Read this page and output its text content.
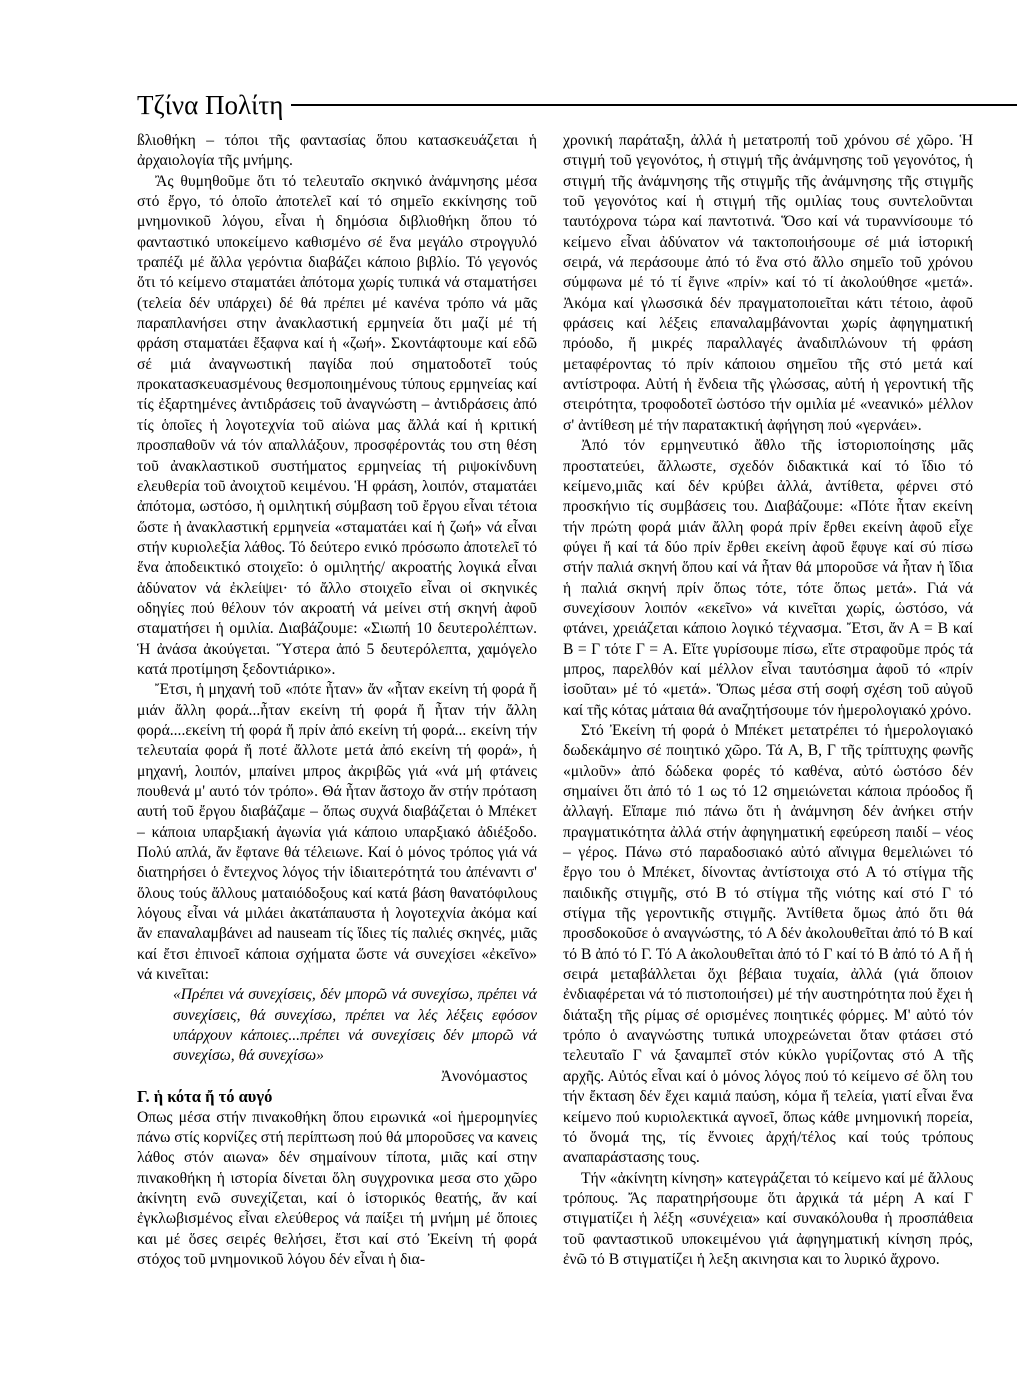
Τζίνα Πολίτη

ßλιοθήκη – τόποι τῆς φαντασίας ὅπου κατασκευάζεται ἡ ἀρχαιολογία τῆς μνήμης.

Ἂς θυμηθοῦμε ὅτι τό τελευταῖο σκηνικό ἀνάμνησης μέσα στό ἔργο, τό ὁποῖο ἀποτελεῖ καί τό σημεῖο εκκίνησης τοῦ μνημονικοῦ λόγου, εἶναι ἡ δημόσια διβλιοθήκη ὅπου τό φανταστικό υποκείμενο καθισμένο σέ ἕνα μεγάλο στρογγυλό τραπέζι μέ ἄλλα γερόντια διαβάζει κάποιο βιβλίο. Τό γεγονός ὅτι τό κείμενο σταματάει ἀπότομα χωρίς τυπικά νά σταματήσει (τελεία δέν υπάρχει) δέ θά πρέπει μέ κανένα τρόπο νά μᾶς παραπλανήσει στην ἀνακλαστική ερμηνεία ὅτι μαζί μέ τή φράση σταματάει ἔξαφνα καί ἡ «ζωή». Σκοντάφτουμε καί εδῶ σέ μιά ἀναγνωστική παγίδα πού σηματοδοτεῖ τούς προκατασκευασμένους θεσμοποιημένους τύπους ερμηνείας καί τίς ἐξαρτημένες ἀντιδράσεις τοῦ ἀναγνώστη – ἀντιδράσεις ἀπό τίς ὁποῖες ἡ λογοτεχνία τοῦ αἰώνα μας ἄλλά καί ἡ κριτική προσπαθοῦν νά τόν απαλλάξουν, προσφέροντάς του στη θέση τοῦ ἀνακλαστικοῦ συστήματος ερμηνείας τή ριψοκίνδυνη ελευθερία τοῦ ἀνοιχτοῦ κειμένου. Ἡ φράση, λοιπόν, σταματάει ἀπότομα, ωστόσο, ἡ ομιλητική σύμβαση τοῦ ἔργου εἶναι τέτοια ὥστε ἡ ἀνακλαστική ερμηνεία «σταματάει καί ἡ ζωή» νά εἶναι στήν κυριολεξία λάθος. Τό δεύτερο ενικό πρόσωπο ἀποτελεῖ τό ἕνα ἀποδεικτικό στοιχεῖο: ὁ ομιλητής/ ακροατής λογικά εἶναι ἀδύνατον νά ἐκλείψει· τό ἄλλο στοιχεῖο εἶναι οἱ σκηνικές οδηγίες πού θέλουν τόν ακροατή νά μείνει στή σκηνή ἀφοῦ σταματήσει ἡ ομιλία. Διαβάζουμε: «Σιωπή 10 δευτερολέπτων. Ἡ ἀνάσα ἀκούγεται. Ὕστερα ἀπό 5 δευτερόλεπτα, χαμόγελο κατά προτίμηση ξεδοντιάρικο».

Ἔτσι, ἡ μηχανή τοῦ «πότε ἦταν» ἄν «ἦταν εκείνη τή φορά ἤ μιάν ἄλλη φορά...ἦταν εκείνη τή φορά ἤ ἦταν τήν ἄλλη φορά....εκείνη τή φορά ἤ πρίν ἀπό εκείνη τή φορά... εκείνη τήν τελευταία φορά ἤ ποτέ ἄλλοτε μετά ἀπό εκείνη τή φορά», ἡ μηχανή, λοιπόν, μπαίνει μπρος ἀκριβῶς γιά «νά μή φτάνεις πουθενά μ' αυτό τόν τρόπο». Θά ἦταν ἄστοχο ἄν στήν πρόταση αυτή τοῦ ἔργου διαβάζαμε – ὅπως συχνά διαβάζεται ὁ Μπέκετ – κάποια υπαρξιακή ἀγωνία γιά κάποιο υπαρξιακό ἀδιέξοδο. Πολύ απλά, ἄν ἔφτανε θά τέλειωνε. Καί ὁ μόνος τρόπος γιά νά διατηρήσει ὁ ἔντεχνος λόγος τήν ἰδιαιτερότητά του ἀπέναντι σ' ὅλους τούς ἄλλους ματαιόδοξους καί κατά βάση θανατόφιλους λόγους εἶναι νά μιλάει ἀκατάπαυστα ἡ λογοτεχνία ἀκόμα καί ἄν επαναλαμβάνει ad nauseam τίς ἴδιες τίς παλιές σκηνές, μιᾶς καί ἔτσι ἐπινοεῖ κάποια σχήματα ὥστε νά συνεχίσει «ἐκεῖνο» νά κινεῖται:

«Πρέπει νά συνεχίσεις, δέν μπορῶ νά συνεχίσω, πρέπει νά συνεχίσεις, θά συνεχίσω, πρέπει να λές λέξεις εφόσον υπάρχουν κάποιες...πρέπει νά συνεχίσεις δέν μπορῶ νά συνεχίσω, θά συνεχίσω»

Ἀνονόμαστος

Γ. ἡ κότα ἤ τό αυγό

Οπως μέσα στήν πινακοθήκη ὅπου ειρωνικά «οἱ ἡμερομηνίες πάνω στίς κορνίζες στή περίπτωση πού θά μποροῦσες να κανεις λάθος στόν αιωνα» δέν σημαίνουν τίποτα, μιᾶς καί στην πινακοθήκη ἡ ιστορία δίνεται ὅλη συγχρονικα μεσα στο χῶρο ἀκίνητη ενῶ συνεχίζεται, καί ὁ ἱστορικός θεατής, ἄν καί ἐγκλωβισμένος εἶναι ελεύθερος νά παίξει τή μνήμη μέ ὅποιες και μέ ὅσες σειρές θελήσει, ἔτσι καί στό Ἐκείνη τή φορά στόχος τοῦ μνημονικοῦ λόγου δέν εἶναι ἡ δια-

χρονική παράταξη, ἀλλά ἡ μετατροπή τοῦ χρόνου σέ χῶρο. Ἡ στιγμή τοῦ γεγονότος, ἡ στιγμή τῆς ἀνάμνησης τοῦ γεγονότος, ἡ στιγμή τῆς ἀνάμνησης τῆς στιγμῆς τῆς ἀνάμνησης τῆς στιγμῆς τοῦ γεγονότος καί ἡ στιγμή τῆς ομιλίας τους συντελοῦνται ταυτόχρονα τώρα καί παντοτινά. Ὅσο καί νά τυραννίσουμε τό κείμενο εἶναι ἀδύνατον νά τακτοποιήσουμε σέ μιά ἱστορική σειρά, νά περάσουμε ἀπό τό ἕνα στό ἄλλο σημεῖο τοῦ χρόνου σύμφωνα μέ τό τί ἔγινε «πρίν» καί τό τί ἀκολούθησε «μετά». Ἀκόμα καί γλωσσικά δέν πραγματοποιεῖται κάτι τέτοιο, ἀφοῦ φράσεις καί λέξεις επαναλαμβάνονται χωρίς ἀφηγηματική πρόοδο, ἤ μικρές παραλλαγές ἀναδιπλώνουν τή φράση μεταφέροντας τό πρίν κάποιου σημεῖου τῆς στό μετά καί αντίστροφα. Αὐτή ἡ ἔνδεια τῆς γλώσσας, αὐτή ἡ γεροντική τῆς στειρότητα, τροφοδοτεῖ ὡστόσο τήν ομιλία μέ «νεανικό» μέλλον σ' ἀντίθεση μέ τήν παρατακτική ἀφήγηση πού «γερνάει».

Ἀπό τόν ερμηνευτικό ἄθλο τῆς ἱστοριοποίησης μᾶς προστατεύει, ἄλλωστε, σχεδόν διδακτικά καί τό ἴδιο τό κείμενο,μιᾶς καί δέν κρύβει ἀλλά, ἀντίθετα, φέρνει στό προσκήνιο τίς συμβάσεις του. Διαβάζουμε: «Πότε ἦταν εκείνη τήν πρώτη φορά μιάν ἄλλη φορά πρίν ἔρθει εκείνη ἀφοῦ εἶχε φύγει ἤ καί τά δύο πρίν ἔρθει εκείνη ἀφοῦ ἔφυγε καί σύ πίσω στήν παλιά σκηνή ὅπου καί νά ἦταν θά μποροῦσε νά ἦταν ἡ ἴδια ἡ παλιά σκηνή πρίν ὅπως τότε, τότε ὅπως μετά». Γιά νά συνεχίσουν λοιπόν «εκεῖνο» νά κινεῖται χωρίς, ὡστόσο, νά φτάνει, χρειάζεται κάποιο λογικό τέχνασμα. Ἔτσι, ἄν A = B καί B = Γ τότε Γ = A. Εἴτε γυρίσουμε πίσω, εἴτε στραφοῦμε πρός τά μπρος, παρελθόν καί μέλλον εἶναι ταυτόσημα ἀφοῦ τό «πρίν ἰσοῦται» μέ τό «μετά». Ὅπως μέσα στή σοφή σχέση τοῦ αὐγοῦ καί τῆς κότας μάταια θά αναζητήσουμε τόν ἡμερολογιακό χρόνο.

Στό Ἐκείνη τή φορά ὁ Μπέκετ μετατρέπει τό ἡμερολογιακό δωδεκάμηνο σέ ποιητικό χῶρο. Τά A, B, Γ τῆς τρίπτυχης φωνῆς «μιλοῦν» ἀπό δώδεκα φορές τό καθένα, αὐτό ὡστόσο δέν σημαίνει ὅτι ἀπό τό 1 ως τό 12 σημειώνεται κάποια πρόοδος ἤ ἀλλαγή. Εἴπαμε πιό πάνω ὅτι ἡ ἀνάμνηση δέν ἀνήκει στήν πραγματικότητα ἀλλά στήν ἀφηγηματική εφεύρεση παιδί – νέος – γέρος. Πάνω στό παραδοσιακό αὐτό αἴνιγμα θεμελιώνει τό ἔργο του ὁ Μπέκετ, δίνοντας ἀντίστοιχα στό A τό στίγμα τῆς παιδικῆς στιγμῆς, στό B τό στίγμα τῆς νιότης καί στό Γ τό στίγμα τῆς γεροντικῆς στιγμῆς. Ἀντίθετα ὅμως ἀπό ὅτι θά προσδοκοῦσε ὁ αναγνώστης, τό A δέν ἀκολουθεῖται ἀπό τό B καί τό B ἀπό τό Γ. Τό A ἀκολουθεῖται ἀπό τό Γ καί τό B ἀπό τό A ἤ ἡ σειρά μεταβάλλεται ὄχι βέβαια τυχαία, ἀλλά (γιά ὅποιον ἐνδιαφέρεται νά τό πιστοποιήσει) μέ τήν αυστηρότητα πού ἔχει ἡ διάταξη τῆς ρίμας σέ ορισμένες ποιητικές φόρμες. Μ' αὐτό τόν τρόπο ὁ αναγνώστης τυπικά υποχρεώνεται ὅταν φτάσει στό τελευταῖο Γ νά ξαναμπεῖ στόν κύκλο γυρίζοντας στό A τῆς αρχῆς. Αὐτός εἶναι καί ὁ μόνος λόγος πού τό κείμενο σέ ὅλη του τήν ἔκταση δέν ἔχει καμιά παύση, κόμα ἤ τελεία, γιατί εἶναι ἕνα κείμενο πού κυριολεκτικά αγνοεῖ, ὅπως κάθε μνημονική πορεία, τό ὄνομά της, τίς ἔννοιες ἀρχή/τέλος καί τούς τρόπους αναπαράστασης τους.

Τήν «ἀκίνητη κίνηση» κατεγράζεται τό κείμενο καί μέ ἄλλους τρόπους. Ἄς παρατηρήσουμε ὅτι ἀρχικά τά μέρη A καί Γ στιγματίζει ἡ λέξη «συνέχεια» καί συνακόλουθα ἡ προσπάθεια τοῦ φανταστικοῦ υποκειμένου γιά ἀφηγηματική κίνηση πρός, ἐνῶ τό B στιγματίζει ἡ λεξη ακινησια και το λυρικό ἄχρονο.
